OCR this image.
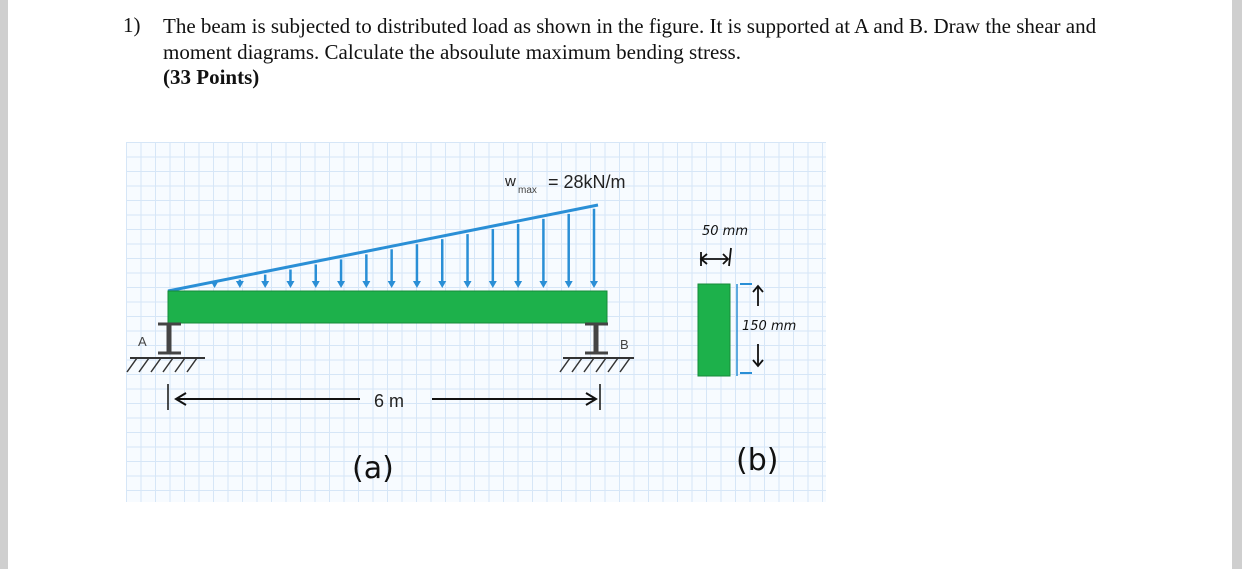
1) The beam is subjected to distributed load as shown in the figure. It is supported at A and B. Draw the shear and moment diagrams. Calculate the absoulute maximum bending stress.
(33 Points)
A	B
w
max = 28kN/m
6 m
(a)
50 mm
150 mm
(b)
